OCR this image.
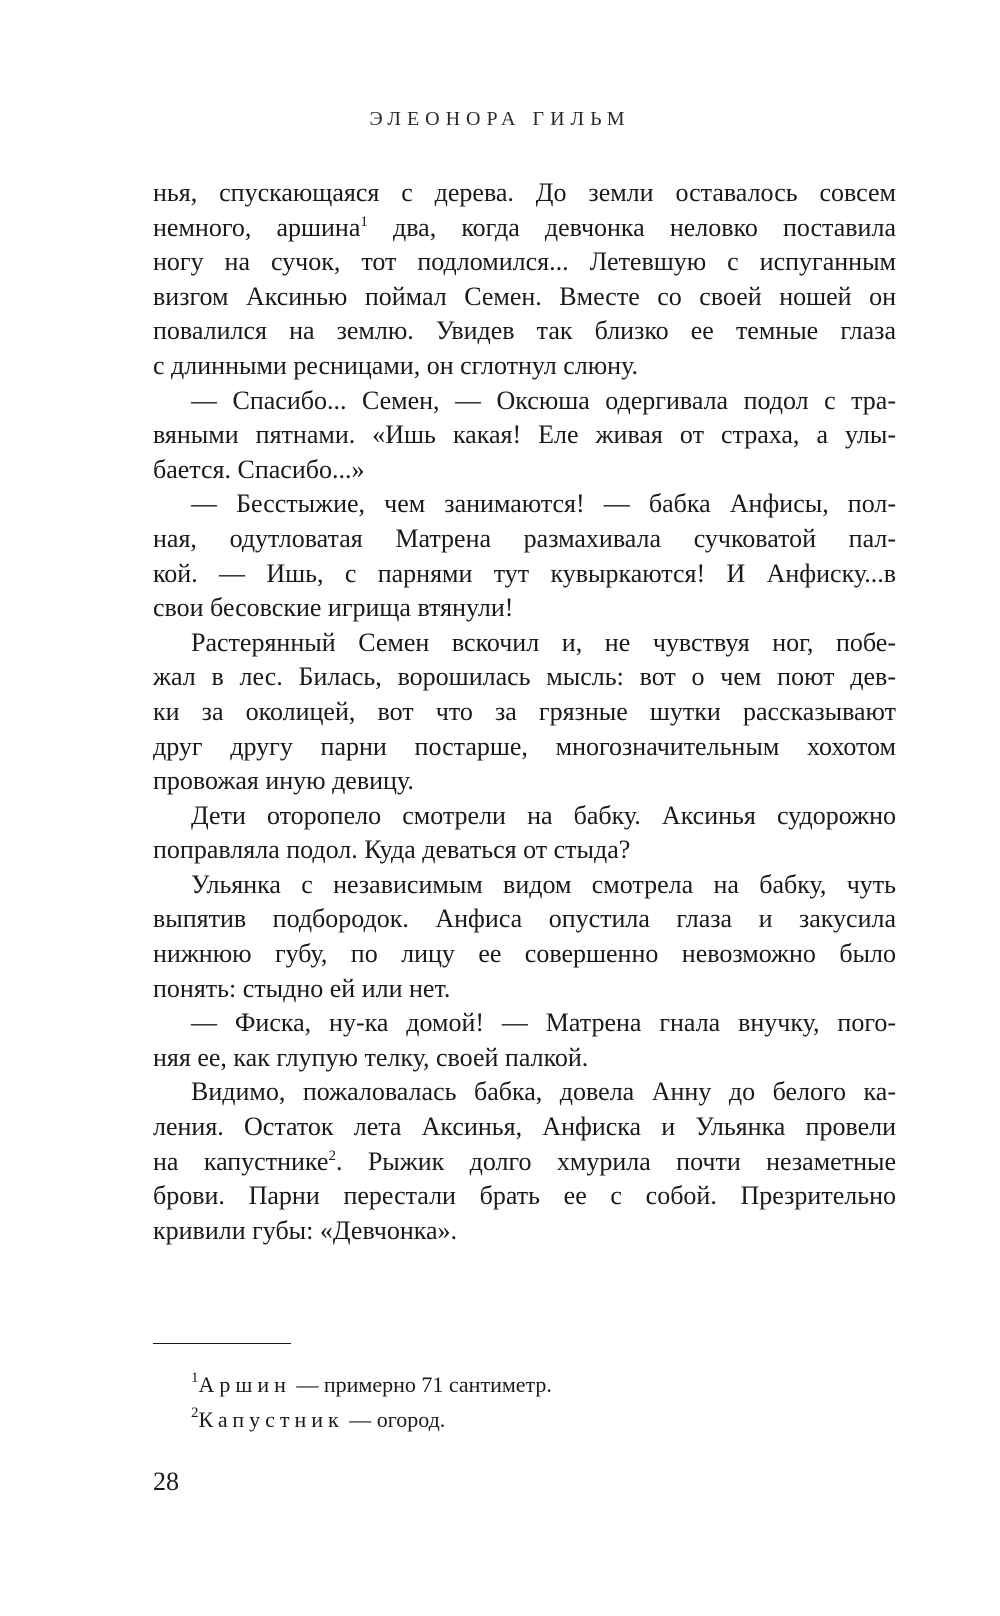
ЭЛЕОНОРА ГИЛЬМ
нья, спускающаяся с дерева. До земли оставалось совсем
немного, аршина$^1$ два, когда девчонка неловко поставила
ногу на сучок, тот подломился... Летевшую с испуганным
визгом Аксинью поймал Семен. Вместе со своей ношей он
повалился на землю. Увидев так близко ее темные глаза
с длинными ресницами, он сглотнул слюну.
— Спасибо... Семен, — Оксюша одергивала подол с тра-
вяными пятнами. «Ишь какая! Еле живая от страха, а улы-
бается. Спасибо...»
— Бесстыжие, чем занимаются! — бабка Анфисы, пол-
ная, одутловатая Матрена размахивала сучковатой пал-
кой. — Ишь, с парнями тут кувыркаются! И Анфиску...в
свои бесовские игрища втянули!
Растерянный Семен вскочил и, не чувствуя ног, побе-
жал в лес. Билась, ворошилась мысль: вот о чем поют дев-
ки за околицей, вот что за грязные шутки рассказывают
друг другу парни постарше, многозначительным хохотом
провожая иную девицу.
Дети оторопело смотрели на бабку. Аксинья судорожно
поправляла подол. Куда деваться от стыда?
Ульянка с независимым видом смотрела на бабку, чуть
выпятив подбородок. Анфиса опустила глаза и закусила
нижнюю губу, по лицу ее совершенно невозможно было
понять: стыдно ей или нет.
— Фиска, ну-ка домой! — Матрена гнала внучку, пого-
няя ее, как глупую телку, своей палкой.
Видимо, пожаловалась бабка, довела Анну до белого ка-
ления. Остаток лета Аксинья, Анфиска и Ульянка провели
на капустнике$^2$. Рыжик долго хмурила почти незаметные
брови. Парни перестали брать ее с собой. Презрительно
кривили губы: «Девчонка».
$^1$Аршин — примерно 71 сантиметр.
$^2$Капустник — огород.
28
